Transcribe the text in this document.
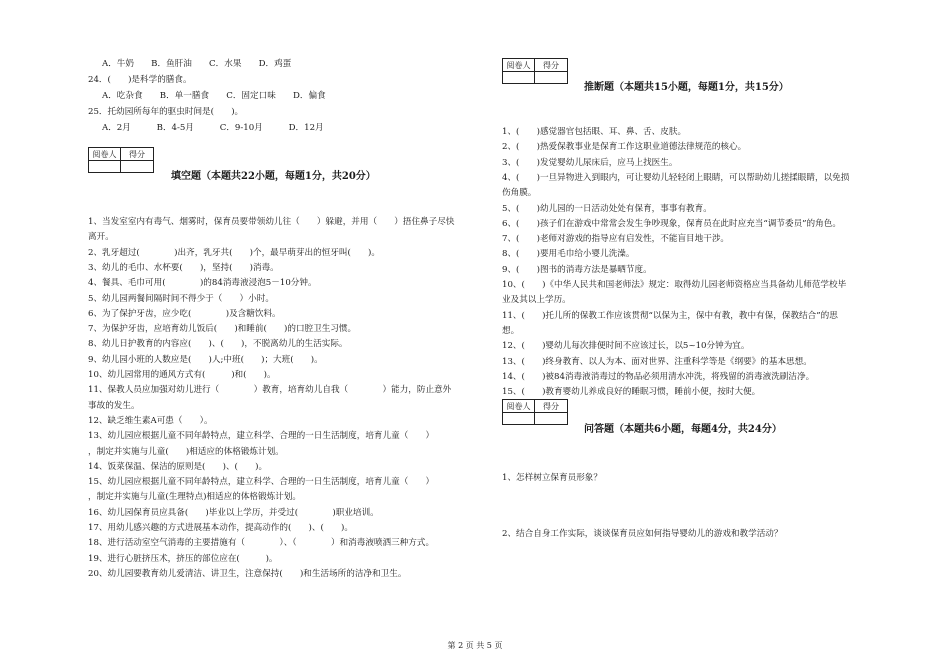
A．牛奶　　B．鱼肝油　　C．水果　　D．鸡蛋
24．(　　)是科学的膳食。
A．吃杂食　　B．单一膳食　　C．固定口味　　D．偏食
25．托幼园所每年的驱虫时间是(　　)。
A．2月　　　B．4-5月　　　C．9-10月　　　D．12月
阅卷人	得分
填空题（本题共22小题，每题1分，共20分）
1、当发室室内有毒气、烟雾时，保育员要带领幼儿往（　　）躲避，并用（　　）捂住鼻子尽快
离开。
2、乳牙超过(　　　　)出齐，乳牙共(　　)个，最早萌芽出的恒牙叫(　　)。
3、幼儿的毛巾、水杯要(　　)，坚持(　　)消毒。
4、餐具、毛巾可用(　　　　)的84消毒液浸泡5－10分钟。
5、幼儿园两餐间隔时间不得少于（　　）小时。
6、为了保护牙齿，应少吃(　　　　)及含糖饮料。
7、为保护牙齿，应培育幼儿饭后(　　)和睡前(　　)的口腔卫生习惯。
8、幼儿日护教育的内容应(　　)、(　　)，不脱离幼儿的生活实际。
9、幼儿园小班的人数应是(　　)人;中班(　　)；大班(　　)。
10、幼儿园常用的通风方式有(　　　)和(　　)。
11、保教人员应加强对幼儿进行（　　　　）教育，培育幼儿自我（　　　　）能力，防止意外
事故的发生。
12、缺乏维生素A可患（　　）。
13、幼儿园应根据儿童不同年龄特点，建立科学、合理的一日生活制度，培育儿童（　　）
，制定并实施与儿童(　　)相适应的体格锻炼计划。
14、饭菜保温、保洁的原则是(　　)、(　　)。
15、幼儿园应根据儿童不同年龄特点，建立科学、合理的一日生活制度，培育儿童（　　）
，制定并实施与儿童(生理特点)相适应的体格锻炼计划。
16、幼儿园保育员应具备(　　)毕业以上学历，并受过(　　　　)职业培训。
17、用幼儿感兴趣的方式进展基本动作，提高动作的(　　)、(　　)。
18、进行活动室空气消毒的主要措施有（　　　　）、（　　　　）和消毒液喷洒三种方式。
19、进行心脏挤压术，挤压的部位应在(　　　)。
20、幼儿园要教育幼儿爱清洁、讲卫生，注意保持(　　)和生活场所的洁净和卫生。
阅卷人	得分
推断题（本题共15小题，每题1分，共15分）
1、(　　)感觉器官包括眼、耳、鼻、舌、皮肤。
2、(　　)热爱保教事业是保育工作这职业道德法律规范的核心。
3、(　　)发觉婴幼儿尿床后，应马上找医生。
4、(　　)一旦异物进入到眼内，可让婴幼儿轻轻闭上眼睛，可以帮助幼儿搓揉眼睛，以免损
伤角膜。
5、(　　)幼儿园的一日活动处处有保育，事事有教育。
6、(　　)孩子们在游戏中常常会发生争吵现象，保育员在此时应充当“调节委员”的角色。
7、(　　)老师对游戏的指导应有启发性，不能盲目地干涉。
8、(　　)要用毛巾给小婴儿洗澡。
9、(　　)图书的消毒方法是暴晒节度。
10、(　　)《中华人民共和国老师法》规定：取得幼儿园老师资格应当具备幼儿师范学校毕
业及其以上学历。
11、(　　)托儿所的保教工作应该贯彻“以保为主，保中有教，教中有保，保教结合”的思
想。
12、(　　)婴幼儿每次排便时间不应该过长，以5~10分钟为宜。
13、(　　)终身教育、以人为本、面对世界、注重科学等是《纲要》的基本思想。
14、(　　)被84消毒液消毒过的物品必须用清水冲洗，将残留的消毒液洗刷洁净。
15、(　　)教育婴幼儿养成良好的睡眠习惯，睡前小便，按时大便。
阅卷人	得分
问答题（本题共6小题，每题4分，共24分）
1、怎样树立保育员形象？
2、结合自身工作实际，谈谈保育员应如何指导婴幼儿的游戏和教学活动？
第 2 页 共 5 页
